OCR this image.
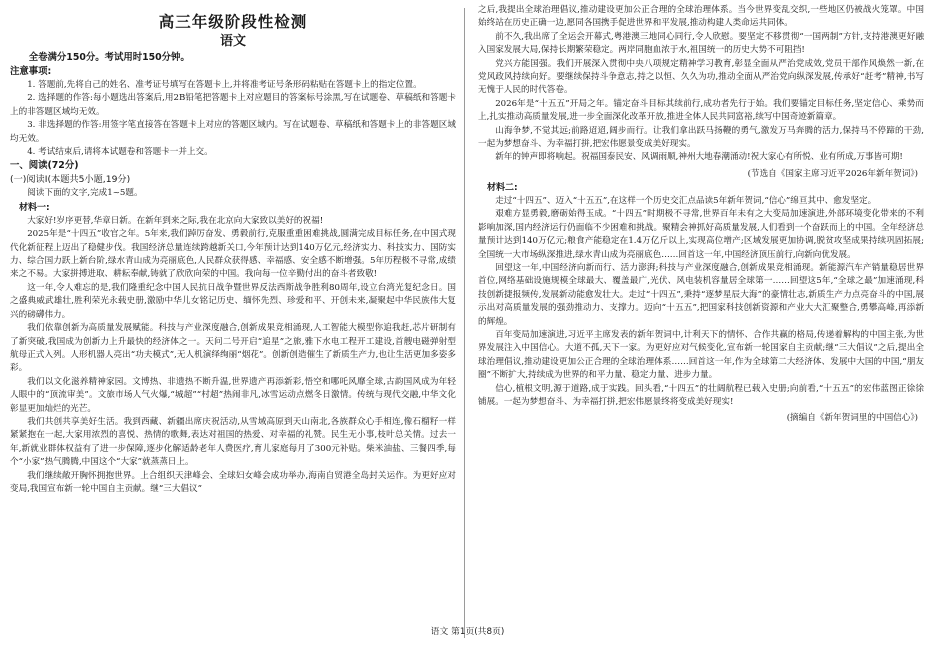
高三年级阶段性检测

语文

全卷满分150分。考试用时150分钟。

注意事项:

1. 答题前,先将自己的姓名、准考证号填写在答题卡上,并将准考证号条形码粘贴在答题卡上的指定位置。

2. 选择题的作答:每小题选出答案后,用2B铅笔把答题卡上对应题目的答案标号涂黑,写在试题卷、草稿纸和答题卡上的非答题区域均无效。

3. 非选择题的作答:用签字笔直接答在答题卡上对应的答题区域内。写在试题卷、草稿纸和答题卡上的非答题区域均无效。

4. 考试结束后,请将本试题卷和答题卡一并上交。

一、阅读(72分)

(一)阅读Ⅰ(本题共5小题,19分)

阅读下面的文字,完成1~5题。

材料一:

大家好!岁序更替,华章日新。在新年到来之际,我在北京向大家致以美好的祝福!

2025年是“十四五”收官之年。5年来,我们踔厉奋发、勇毅前行,克服重重困难挑战,圆满完成目标任务,在中国式现代化新征程上迈出了稳健步伐。我国经济总量连续跨越新关口,今年预计达到140万亿元,经济实力、科技实力、国防实力、综合国力跃上新台阶,绿水青山成为亮丽底色,人民群众获得感、幸福感、安全感不断增强。5年历程极不寻常,成绩来之不易。大家拼搏进取、耕耘奉献,铸就了欣欣向荣的中国。我向每一位辛勤付出的奋斗者致敬!

这一年,令人难忘的是,我们隆重纪念中国人民抗日战争暨世界反法西斯战争胜利80周年,设立台湾光复纪念日。国之盛典威武雄壮,胜利荣光永载史册,激励中华儿女铭记历史、缅怀先烈、珍爱和平、开创未来,凝聚起中华民族伟大复兴的磅礴伟力。

我们依靠创新为高质量发展赋能。科技与产业深度融合,创新成果竞相涌现,人工智能大模型你追我赶,芯片研制有了新突破,我国成为创新力上升最快的经济体之一。天问二号开启“追星”之旅,雅下水电工程开工建设,首艘电磁弹射型航母正式入列。人形机器人亮出“功夫模式”,无人机演绎绚丽“烟花”。创新创造催生了新质生产力,也让生活更加多姿多彩。

我们以文化滋养精神家园。文博热、非遗热不断升温,世界遗产再添新彩,悟空和哪吒风靡全球,古韵国风成为年轻人眼中的“顶流审美”。文旅市场人气火爆,“城超”“村超”热闹非凡,冰雪运动点燃冬日激情。传统与现代交融,中华文化彰显更加灿烂的光芒。

我们共创共享美好生活。我到西藏、新疆出席庆祝活动,从雪域高原到天山南北,各族群众心手相连,像石榴籽一样紧紧抱在一起,大家用浓烈的喜悦、热情的歌舞,表达对祖国的热爱、对幸福的礼赞。民生无小事,枝叶总关情。过去一年,新就业群体权益有了进一步保障,逐步化解适龄老年人费医疗,育儿家庭每月了300元补贴。柴米油盐、三餐四季,每个“小家”热气腾腾,中国这个“大家”就蒸蒸日上。

我们继续敞开胸怀拥抱世界。上合组织天津峰会、全球妇女峰会成功举办,海南自贸港全岛封关运作。为更好应对变局,我国宣布新一轮中国自主贡献。继“三大倡议”

之后,我提出全球治理倡议,推动建设更加公正合理的全球治理体系。当今世界变乱交织,一些地区仍被战火笼罩。中国始终站在历史正确一边,愿同各国携手促进世界和平发展,推动构建人类命运共同体。

前不久,我出席了全运会开幕式,粤港澳三地同心同行,令人欣慰。要坚定不移贯彻“一国两制”方针,支持港澳更好融入国家发展大局,保持长期繁荣稳定。两岸同胞血浓于水,祖国统一的历史大势不可阻挡!

党兴方能国强。我们开展深入贯彻中央八项规定精神学习教育,彰显全面从严治党成效,党员干部作风焕然一新,在党风政风持续向好。要继续保持斗争意志,持之以恒、久久为功,推动全面从严治党向纵深发展,传承好“赶考”精神,书写无愧于人民的时代答卷。

2026年是“十五五”开局之年。锚定奋斗目标其续前行,成功者先行于始。我们要锚定目标任务,坚定信心、乘势而上,扎实推动高质量发展,进一步全面深化改革开放,推进全体人民共同富裕,续写中国奇迹新篇章。

山海争梦,不觉其远;前路迢迢,阔步而行。让我们拿出跃马扬鞭的勇气,激发万马奔腾的活力,保持马不停蹄的干劲,一起为梦想奋斗、为幸福打拼,把宏伟愿景变成美好现实。

新年的钟声即将响起。祝福国泰民安、风调雨顺,神州大地春潮涌动!祝大家心有所悦、业有所成,万事皆可期!

(节选自《国家主席习近平2026年新年贺词》)

材料二:

走过“十四五”、迈入“十五五”,在这样一个历史交汇点品读5年新年贺词,“信心”绵亘其中、愈发坚定。

艰难方显勇毅,磨砺始得玉成。“十四五”时期极不寻常,世界百年未有之大变局加速演进,外部环境变化带来的不利影响加深,国内经济运行仍面临不少困难和挑战。聚精会神抓好高质量发展,人们看到一个奋跃而上的中国。全年经济总量预计达到140万亿元;粮食产能稳定在1.4万亿斤以上,实现高位增产;区域发展更加协调,脱贫攻坚成果持续巩固拓展;全国统一大市场纵深推进,绿水青山成为亮丽底色……回首这一年,中国经济顶压前行,向新向优发展。

回望这一年,中国经济向新而行、活力澎湃;科技与产业深度融合,创新成果竞相涌现。新能源汽车产销量稳居世界首位,网络基础设施规模全球最大、覆盖最广,光伏、风电装机容量居全球第一……回望这5年,“全球之最”加速涌现,科技创新捷报频传,发展新动能愈发壮大。走过“十四五”,秉持“逐梦星辰大海”的豪情壮志,新质生产力点亮奋斗的中国,展示出对高质量发展的强劲推动力、支撑力。迈向“十五五”,把国家科技创新资源和产业大大汇聚整合,勇攀高峰,再添新的辉煌。

百年变局加速演进,习近平主席发表的新年贺词中,计利天下的情怀、合作共赢的格局,传递着解构的中国主张,为世界发展注入中国信心。大道不孤,天下一家。为更好应对气候变化,宣布新一轮国家自主贡献;继“三大倡议”之后,提出全球治理倡议,推动建设更加公正合理的全球治理体系……回首这一年,作为全球第二大经济体、发展中大国的中国,“朋友圈”不断扩大,持续成为世界的和平力量、稳定力量、进步力量。

信心,植根文明,源于道路,成于实践。回头看,“十四五”的壮阔航程已载入史册;向前看,“十五五”的宏伟蓝图正徐徐铺展。一起为梦想奋斗、为幸福打拼,把宏伟愿景终将变成美好现实!

(摘编自《新年贺词里的中国信心》)

语文 第1页(共8页)
